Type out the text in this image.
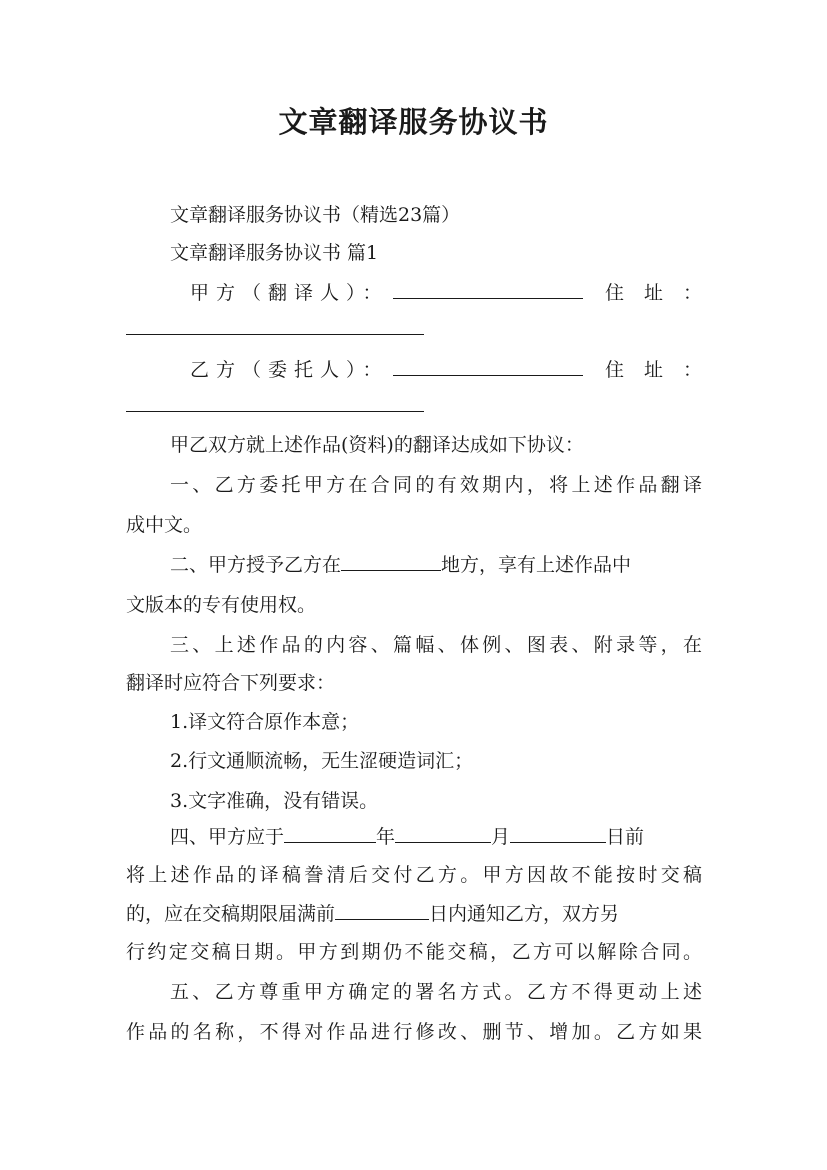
文章翻译服务协议书
文章翻译服务协议书（精选23篇）
文章翻译服务协议书 篇1
甲方（翻译人）：	住址：
乙方（委托人）：	住址：
甲乙双方就上述作品(资料)的翻译达成如下协议：
一、乙方委托甲方在合同的有效期内，将上述作品翻译
成中文。
二、甲方授予乙方在	地方，享有上述作品中
文版本的专有使用权。
三、上述作品的内容、篇幅、体例、图表、附录等，在
翻译时应符合下列要求：
1.译文符合原作本意；
2.行文通顺流畅，无生涩硬造词汇；
3.文字准确，没有错误。
四、甲方应于	年	月	日前
将上述作品的译稿誊清后交付乙方。甲方因故不能按时交稿
的，应在交稿期限届满前	日内通知乙方，双方另
行约定交稿日期。甲方到期仍不能交稿，乙方可以解除合同。
五、乙方尊重甲方确定的署名方式。乙方不得更动上述
作品的名称，不得对作品进行修改、删节、增加。乙方如果
